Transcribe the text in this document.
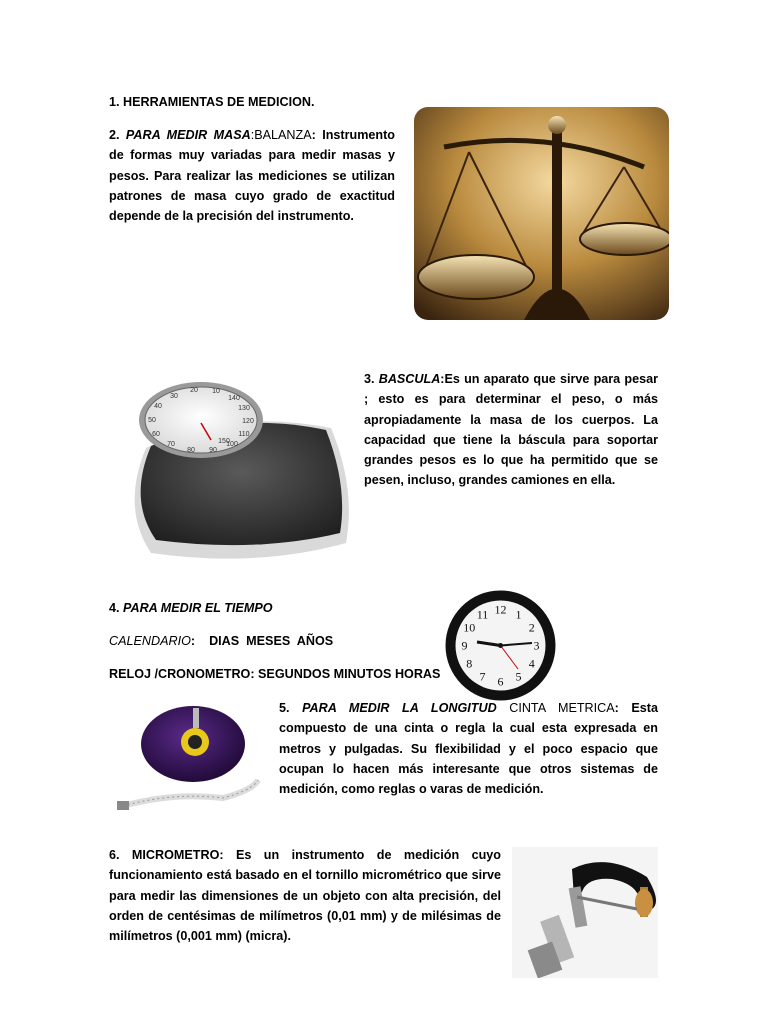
1. HERRAMIENTAS DE MEDICION.
2. PARA MEDIR MASA:BALANZA: Instrumento de formas muy variadas para medir masas y pesos. Para realizar las mediciones se utilizan patrones de masa cuyo grado de exactitud depende de la precisión del instrumento.
10
20
30
40
50
60
70
80 90
100
110
120
130
140
150
3. BASCULA:Es un aparato que sirve para pesar ; esto es para determinar el peso, o más apropiadamente la masa de los cuerpos. La capacidad que tiene la báscula para soportar grandes pesos es lo que ha permitido que se pesen, incluso, grandes camiones en ella.
4. PARA MEDIR EL TIEMPO
CALENDARIO:    DIAS  MESES  AÑOS
RELOJ /CRONOMETRO: SEGUNDOS MINUTOS HORAS
12 1
2
3
4
5
6
7
8
9
10
11
5. PARA MEDIR LA LONGITUD CINTA METRICA: Esta compuesto de una cinta o regla la cual esta expresada en metros y pulgadas. Su flexibilidad y el poco espacio que ocupan lo hacen más interesante que otros sistemas de medición, como reglas o varas de medición.
6. MICROMETRO: Es un instrumento de medición cuyo funcionamiento está basado en el tornillo micrométrico que sirve para medir las dimensiones de un objeto con alta precisión, del orden de centésimas de milímetros (0,01 mm) y de milésimas de milímetros (0,001 mm) (micra).
